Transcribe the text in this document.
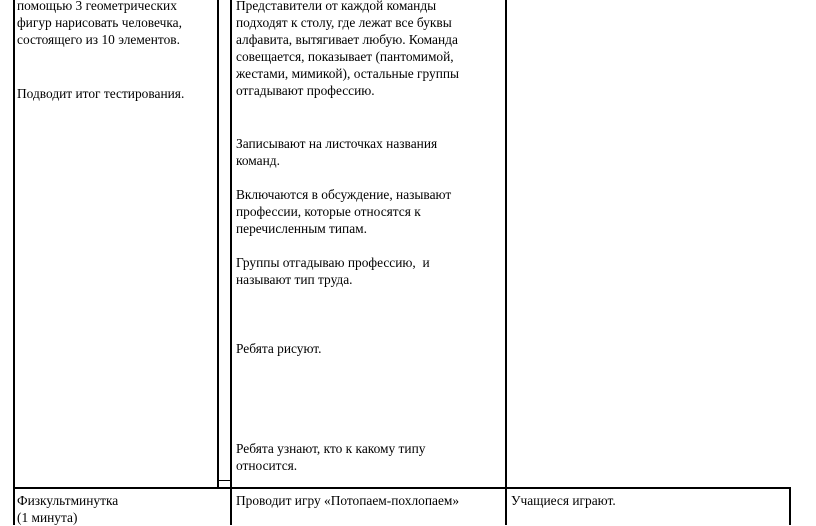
помощью 3 геометрических
фигур нарисовать человечка,
состоящего из 10 элементов.
Подводит итог тестирования.
Представители от каждой команды
подходят к столу, где лежат все буквы
алфавита, вытягивает любую. Команда
совещается, показывает (пантомимой,
жестами, мимикой), остальные группы
отгадывают профессию.
Записывают на листочках названия
команд.
Включаются в обсуждение, называют
профессии, которые относятся к
перечисленным типам.
Группы отгадываю профессию,  и
называют тип труда.
Ребята рисуют.
Ребята узнают, кто к какому типу
относится.
Физкультминутка
(1 минута)
Проводит игру «Потопаем-похлопаем»	Учащиеся играют.
